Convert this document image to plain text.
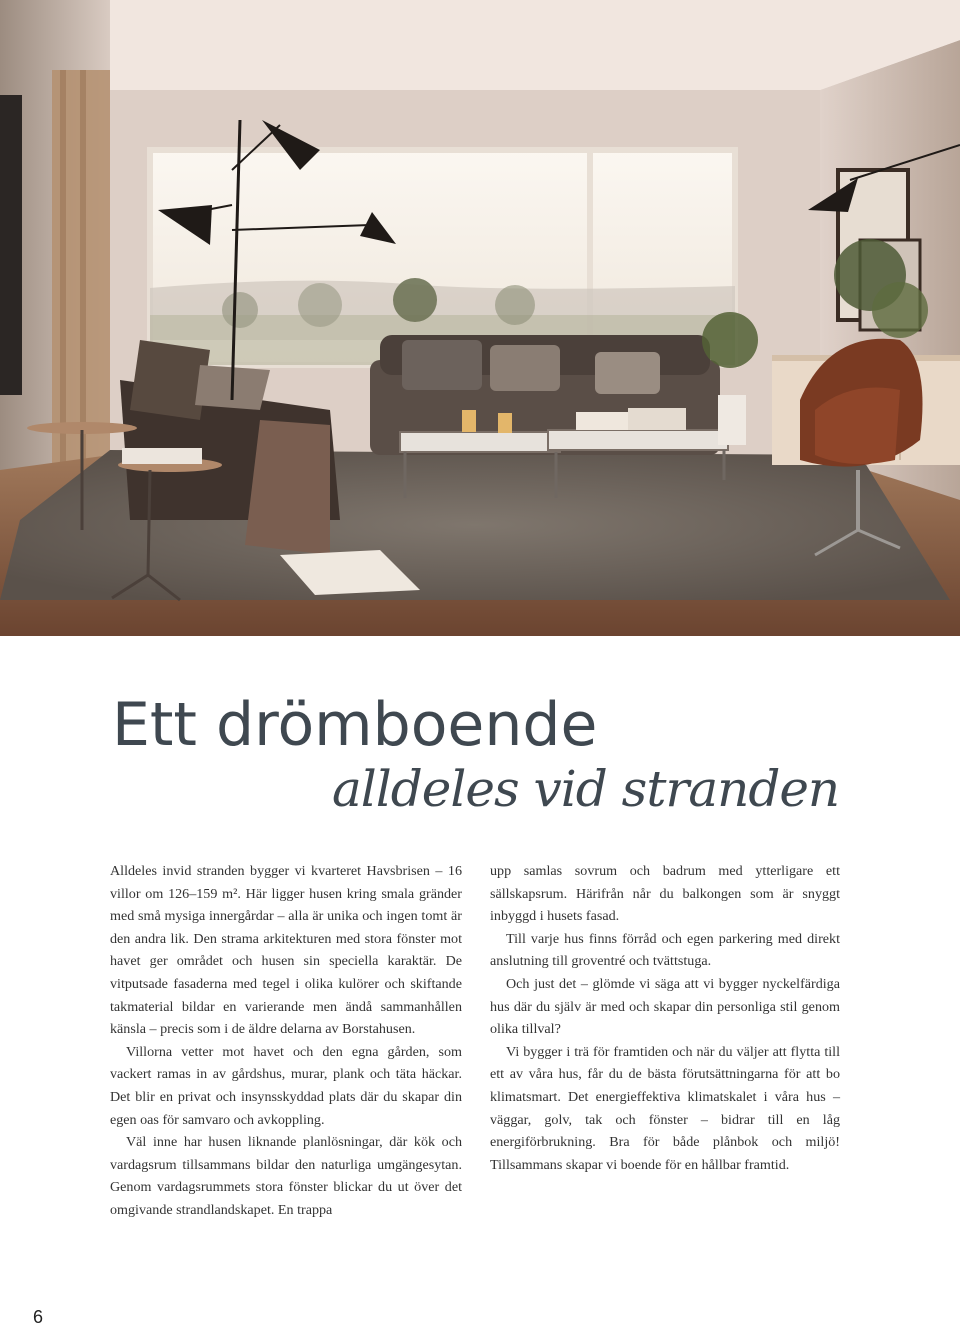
Ett drömboende
alldeles vid stranden

Alldeles invid stranden bygger vi kvarteret Havsbrisen – 16 villor om 126–159 m². Här ligger husen kring smala gränder med små mysiga innergårdar – alla är unika och ingen tomt är den andra lik. Den strama arkitekturen med stora fönster mot havet ger området och husen sin speciella karaktär. De vitputsade fasaderna med tegel i olika kulörer och skiftande takmaterial bildar en varierande men ändå sammanhållen känsla – precis som i de äldre delarna av Borstahusen.

Villorna vetter mot havet och den egna gården, som vackert ramas in av gårdshus, murar, plank och täta häckar. Det blir en privat och insynsskyddad plats där du skapar din egen oas för samvaro och avkoppling.

Väl inne har husen liknande planlösningar, där kök och vardagsrum tillsammans bildar den naturliga umgängesytan. Genom vardagsrummets stora fönster blickar du ut över det omgivande strandlandskapet. En trappa

upp samlas sovrum och badrum med ytterligare ett sällskapsrum. Härifrån når du balkongen som är snyggt inbyggd i husets fasad.

Till varje hus finns förråd och egen parkering med direkt anslutning till groventré och tvättstuga.

Och just det – glömde vi säga att vi bygger nyckelfärdiga hus där du själv är med och skapar din personliga stil genom olika tillval?

Vi bygger i trä för framtiden och när du väljer att flytta till ett av våra hus, får du de bästa förutsättningarna för att bo klimatsmart. Det energieffektiva klimatskalet i våra hus – väggar, golv, tak och fönster – bidrar till en låg energiförbrukning. Bra för både plånbok och miljö! Tillsammans skapar vi boende för en hållbar framtid.

6
